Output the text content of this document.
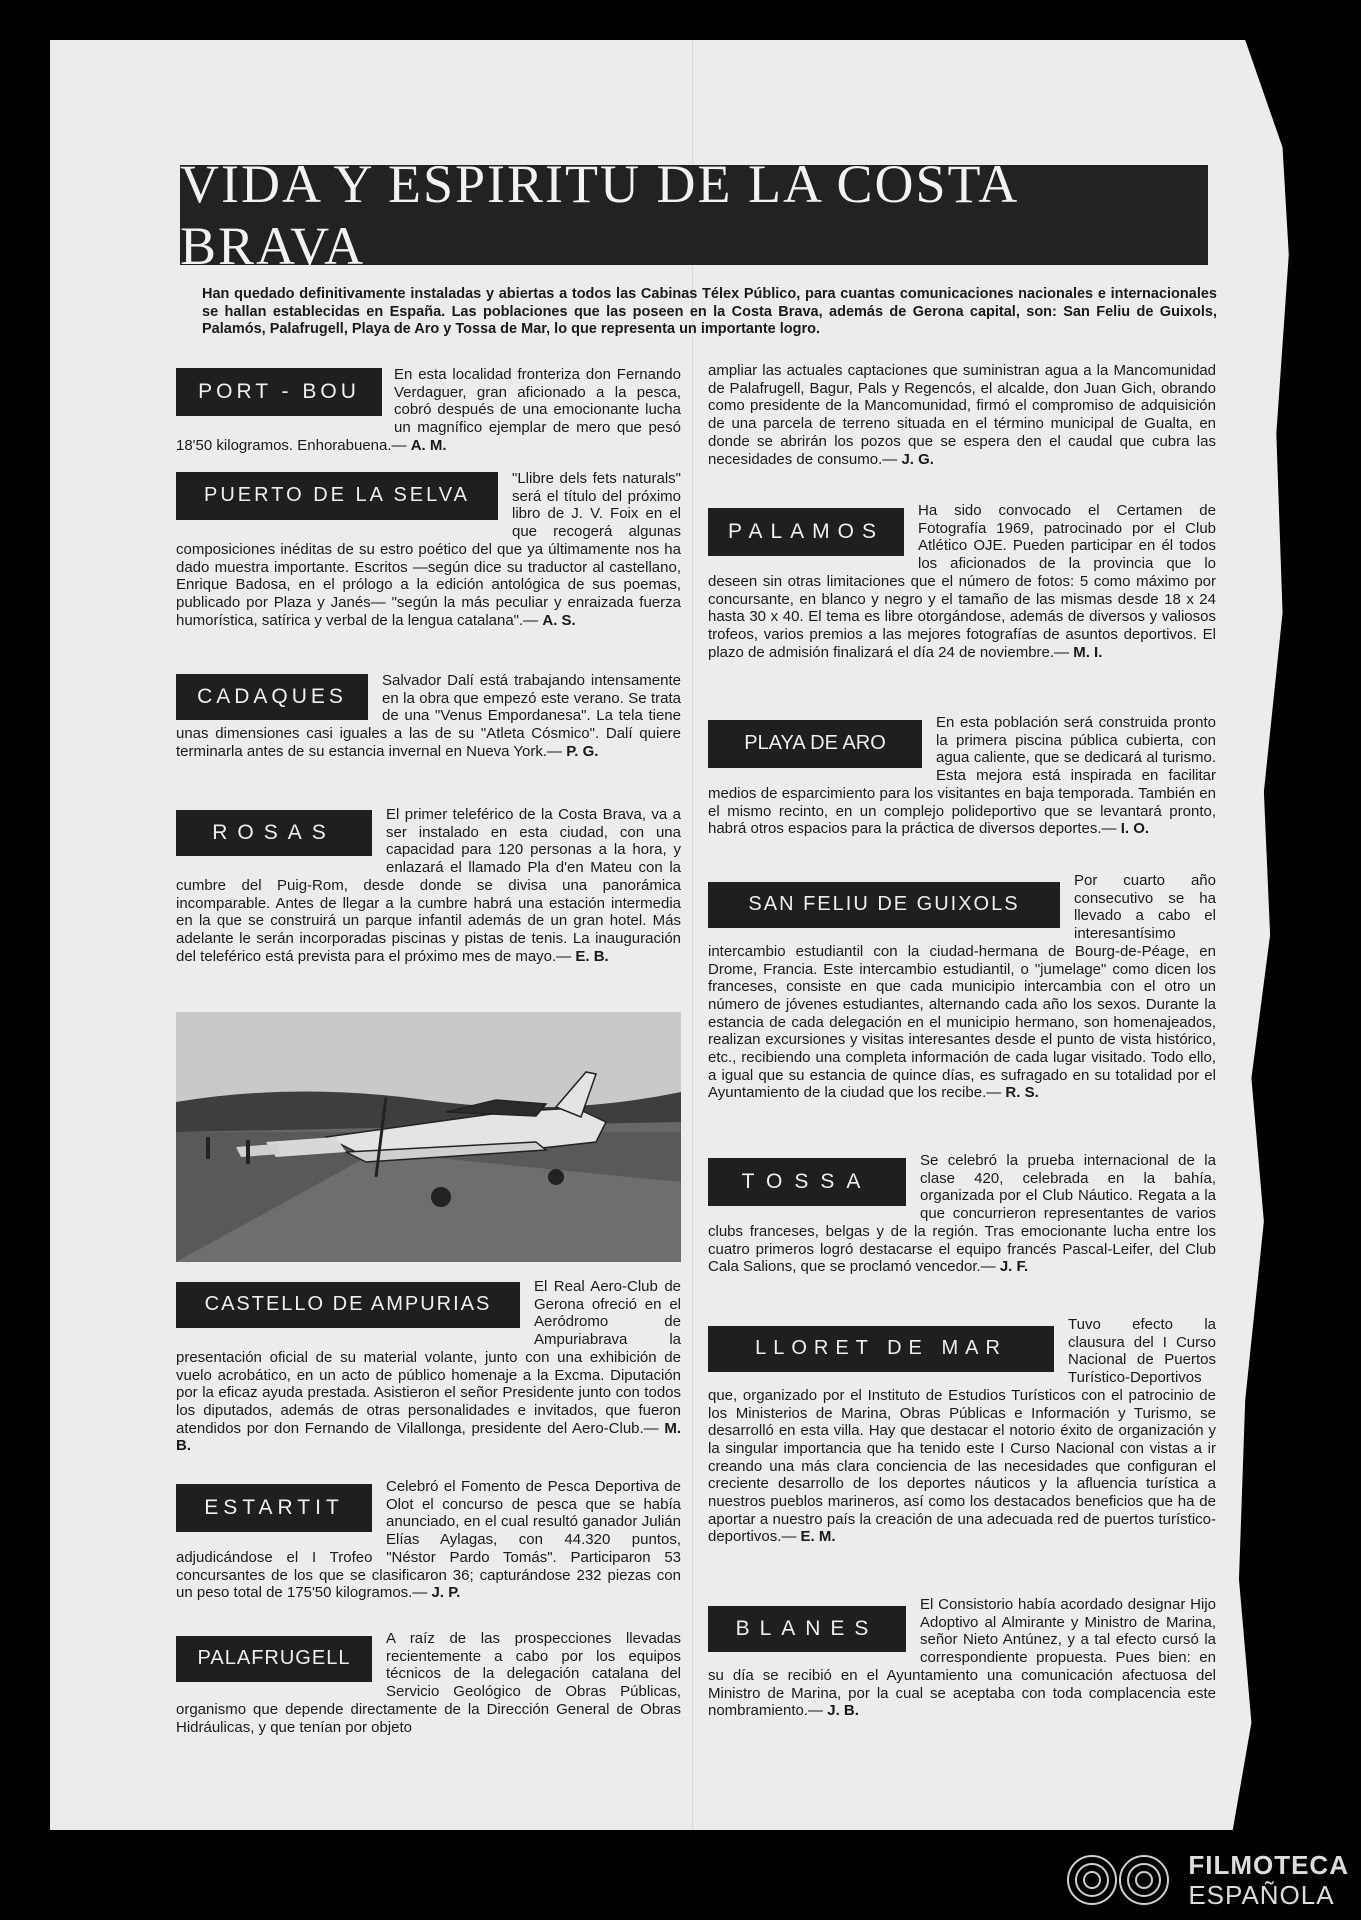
VIDA Y ESPIRITU DE LA COSTA BRAVA
Han quedado definitivamente instaladas y abiertas a todos las Cabinas Télex Público, para cuantas comunicaciones nacionales e internacionales se hallan establecidas en España. Las poblaciones que las poseen en la Costa Brava, además de Gerona capital, son: San Feliu de Guixols, Palamós, Palafrugell, Playa de Aro y Tossa de Mar, lo que representa un importante logro.
PORT - BOU

En esta localidad fronteriza don Fernando Verdaguer, gran aficionado a la pesca, cobró después de una emocionante lucha un magnífico ejemplar de mero que pesó 18'50 kilogramos. Enhorabuena.— A. M.

PUERTO DE LA SELVA

"Llibre dels fets naturals" será el título del próximo libro de J. V. Foix en el que recogerá algunas composiciones inéditas de su estro poético del que ya últimamente nos ha dado muestra importante. Escritos —según dice su traductor al castellano, Enrique Badosa, en el prólogo a la edición antológica de sus poemas, publicado por Plaza y Janés— "según la más peculiar y enraizada fuerza humorística, satírica y verbal de la lengua catalana".— A. S.

CADAQUES

Salvador Dalí está trabajando intensamente en la obra que empezó este verano. Se trata de una "Venus Empordanesa". La tela tiene unas dimensiones casi iguales a las de su "Atleta Cósmico". Dalí quiere terminarla antes de su estancia invernal en Nueva York.— P. G.

ROSAS

El primer teleférico de la Costa Brava, va a ser instalado en esta ciudad, con una capacidad para 120 personas a la hora, y enlazará el llamado Pla d'en Mateu con la cumbre del Puig-Rom, desde donde se divisa una panorámica incomparable. Antes de llegar a la cumbre habrá una estación intermedia en la que se construirá un parque infantil además de un gran hotel. Más adelante le serán incorporadas piscinas y pistas de tenis. La inauguración del teleférico está prevista para el próximo mes de mayo.— E. B.

CASTELLO DE AMPURIAS

El Real Aero-Club de Gerona ofreció en el Aeródromo de Ampuriabrava la presentación oficial de su material volante, junto con una exhibición de vuelo acrobático, en un acto de público homenaje a la Excma. Diputación por la eficaz ayuda prestada. Asistieron el señor Presidente junto con todos los diputados, además de otras personalidades e invitados, que fueron atendidos por don Fernando de Vilallonga, presidente del Aero-Club.— M. B.

ESTARTIT

Celebró el Fomento de Pesca Deportiva de Olot el concurso de pesca que se había anunciado, en el cual resultó ganador Julián Elías Aylagas, con 44.320 puntos, adjudicándose el I Trofeo "Néstor Pardo Tomás". Participaron 53 concursantes de los que se clasificaron 36; capturándose 232 piezas con un peso total de 175'50 kilogramos.— J. P.

PALAFRUGELL

A raíz de las prospecciones llevadas recientemente a cabo por los equipos técnicos de la delegación catalana del Servicio Geológico de Obras Públicas, organismo que depende directamente de la Dirección General de Obras Hidráulicas, y que tenían por objeto

ampliar las actuales captaciones que suministran agua a la Mancomunidad de Palafrugell, Bagur, Pals y Regencós, el alcalde, don Juan Gich, obrando como presidente de la Mancomunidad, firmó el compromiso de adquisición de una parcela de terreno situada en el término municipal de Gualta, en donde se abrirán los pozos que se espera den el caudal que cubra las necesidades de consumo.— J. G.

PALAMOS

Ha sido convocado el Certamen de Fotografía 1969, patrocinado por el Club Atlético OJE. Pueden participar en él todos los aficionados de la provincia que lo deseen sin otras limitaciones que el número de fotos: 5 como máximo por concursante, en blanco y negro y el tamaño de las mismas desde 18 x 24 hasta 30 x 40. El tema es libre otorgándose, además de diversos y valiosos trofeos, varios premios a las mejores fotografías de asuntos deportivos. El plazo de admisión finalizará el día 24 de noviembre.— M. I.

PLAYA DE ARO

En esta población será construida pronto la primera piscina pública cubierta, con agua caliente, que se dedicará al turismo. Esta mejora está inspirada en facilitar medios de esparcimiento para los visitantes en baja temporada. También en el mismo recinto, en un complejo polideportivo que se levantará pronto, habrá otros espacios para la práctica de diversos deportes.— I. O.

SAN FELIU DE GUIXOLS

Por cuarto año consecutivo se ha llevado a cabo el interesantísimo intercambio estudiantil con la ciudad-hermana de Bourg-de-Péage, en Drome, Francia. Este intercambio estudiantil, o "jumelage" como dicen los franceses, consiste en que cada municipio intercambia con el otro un número de jóvenes estudiantes, alternando cada año los sexos. Durante la estancia de cada delegación en el municipio hermano, son homenajeados, realizan excursiones y visitas interesantes desde el punto de vista histórico, etc., recibiendo una completa información de cada lugar visitado. Todo ello, a igual que su estancia de quince días, es sufragado en su totalidad por el Ayuntamiento de la ciudad que los recibe.— R. S.

TOSSA

Se celebró la prueba internacional de la clase 420, celebrada en la bahía, organizada por el Club Náutico. Regata a la que concurrieron representantes de varios clubs franceses, belgas y de la región. Tras emocionante lucha entre los cuatro primeros logró destacarse el equipo francés Pascal-Leifer, del Club Cala Salions, que se proclamó vencedor.— J. F.

LLORET DE MAR

Tuvo efecto la clausura del I Curso Nacional de Puertos Turístico-Deportivos que, organizado por el Instituto de Estudios Turísticos con el patrocinio de los Ministerios de Marina, Obras Públicas e Información y Turismo, se desarrolló en esta villa. Hay que destacar el notorio éxito de organización y la singular importancia que ha tenido este I Curso Nacional con vistas a ir creando una más clara conciencia de las necesidades que configuran el creciente desarrollo de los deportes náuticos y la afluencia turística a nuestros pueblos marineros, así como los destacados beneficios que ha de aportar a nuestro país la creación de una adecuada red de puertos turístico-deportivos.— E. M.

BLANES

El Consistorio había acordado designar Hijo Adoptivo al Almirante y Ministro de Marina, señor Nieto Antúnez, y a tal efecto cursó la correspondiente propuesta. Pues bien: en su día se recibió en el Ayuntamiento una comunicación afectuosa del Ministro de Marina, por la cual se aceptaba con toda complacencia este nombramiento.— J. B.

FILMOTECA
ESPAÑOLA
